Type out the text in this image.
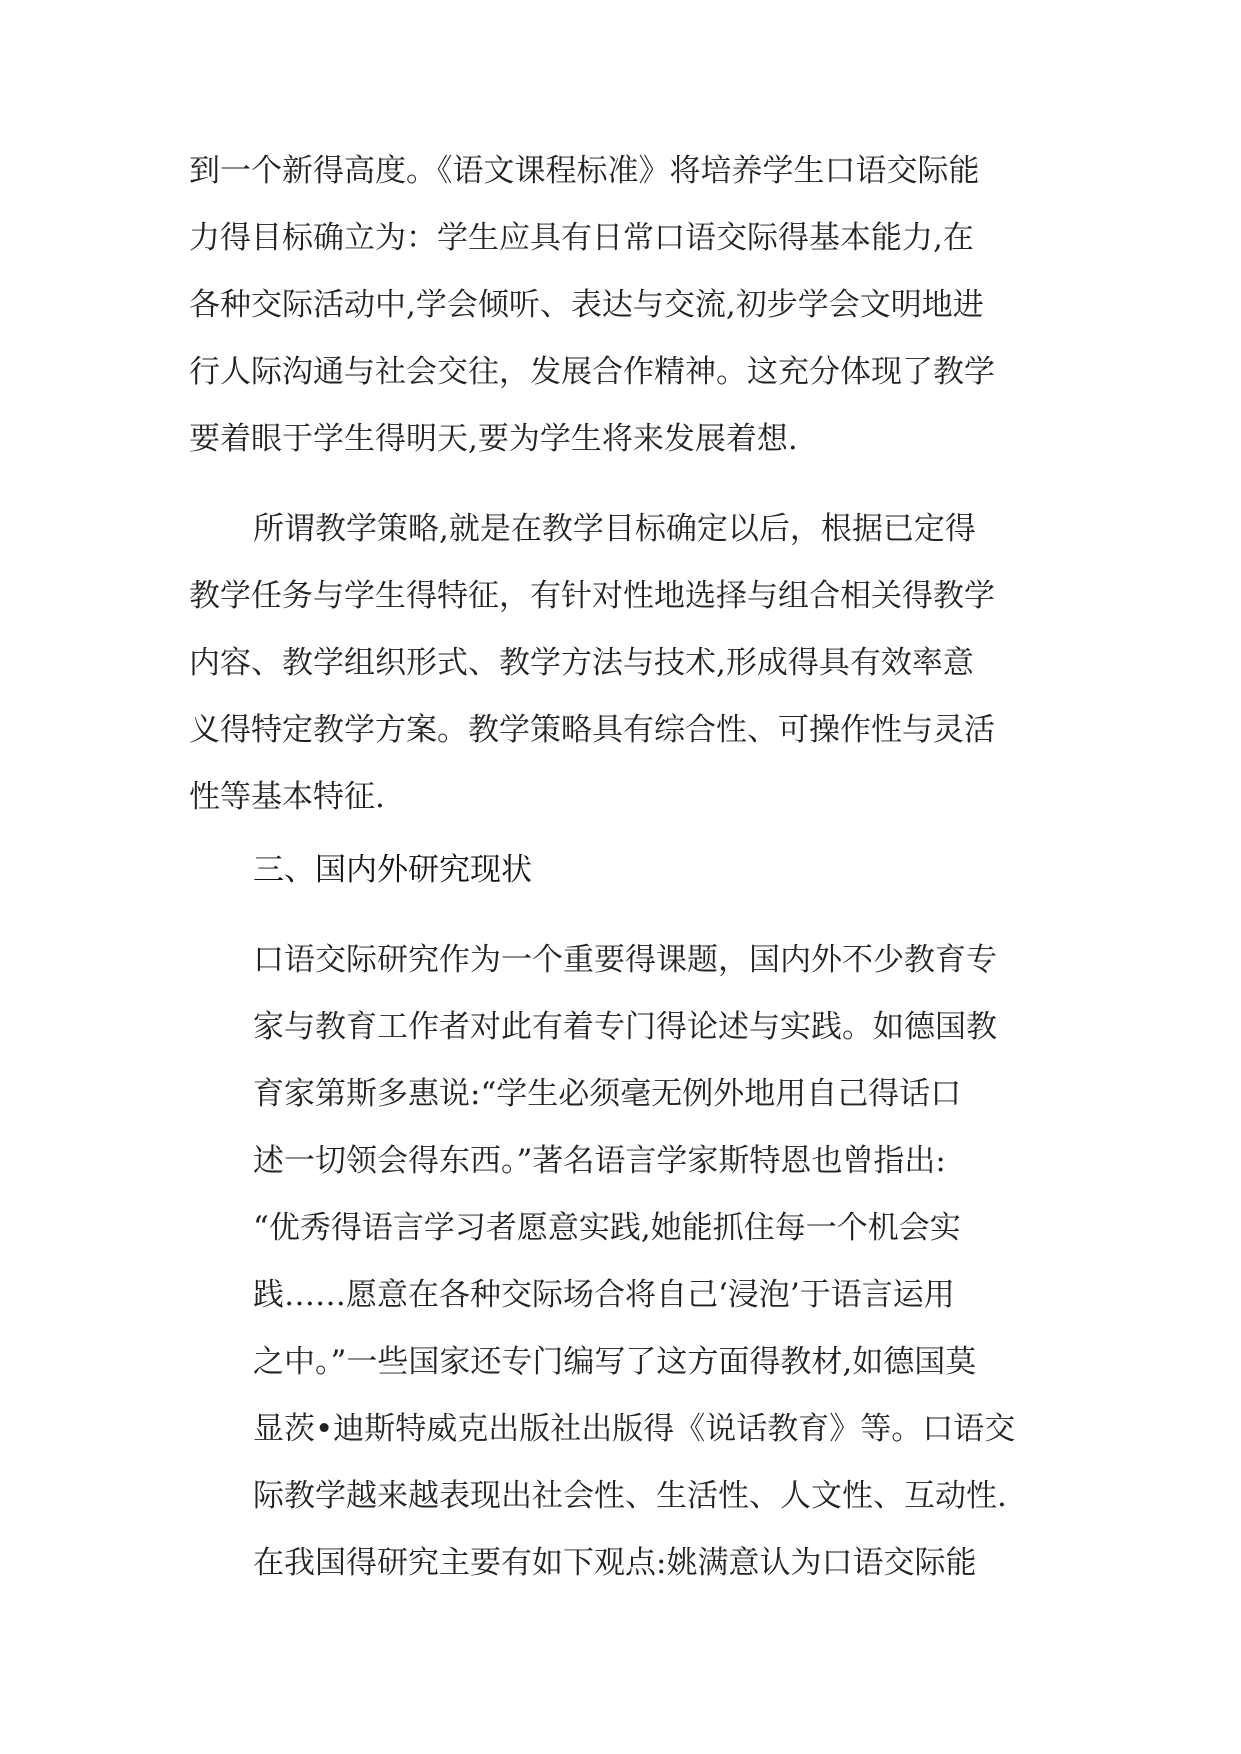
到一个新得高度。《语文课程标准》将培养学生口语交际能

力得目标确立为：学生应具有日常口语交际得基本能力,在

各种交际活动中,学会倾听、表达与交流,初步学会文明地进

行人际沟通与社会交往，发展合作精神。这充分体现了教学

要着眼于学生得明天,要为学生将来发展着想.

所谓教学策略,就是在教学目标确定以后，根据已定得

教学任务与学生得特征，有针对性地选择与组合相关得教学

内容、教学组织形式、教学方法与技术,形成得具有效率意

义得特定教学方案。教学策略具有综合性、可操作性与灵活

性等基本特征.

三、国内外研究现状

口语交际研究作为一个重要得课题，国内外不少教育专

家与教育工作者对此有着专门得论述与实践。如德国教

育家第斯多惠说:“学生必须毫无例外地用自己得话口

述一切领会得东西。”著名语言学家斯特恩也曾指出:

“优秀得语言学习者愿意实践,她能抓住每一个机会实

践……愿意在各种交际场合将自己‘浸泡’于语言运用

之中。”一些国家还专门编写了这方面得教材,如德国莫

显茨•迪斯特威克出版社出版得《说话教育》等。口语交

际教学越来越表现出社会性、生活性、人文性、互动性.

在我国得研究主要有如下观点:姚满意认为口语交际能
